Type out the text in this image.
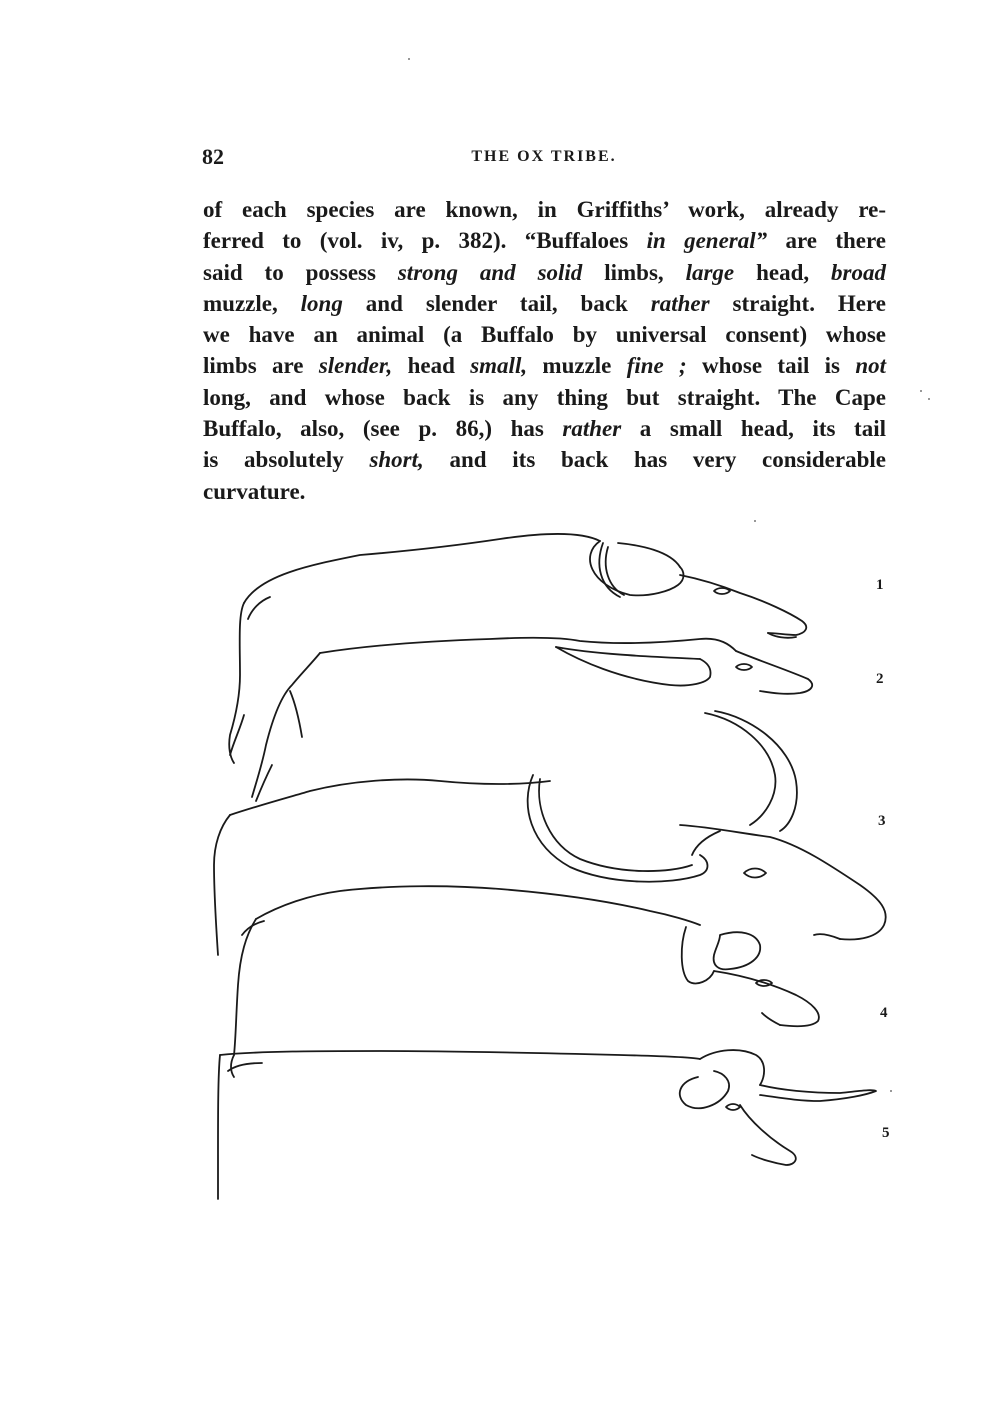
82	THE OX TRIBE.
of each species are known, in Griffiths’ work, already re-
ferred to (vol. iv, p. 382). “Buffaloes in general” are there
said to possess strong and solid limbs, large head, broad
muzzle, long and slender tail, back rather straight. Here
we have an animal (a Buffalo by universal consent) whose
limbs are slender, head small, muzzle fine ; whose tail is not
long, and whose back is any thing but straight. The Cape
Buffalo, also, (see p. 86,) has rather a small head, its tail
is absolutely short, and its back has very considerable
curvature.
1
2
3
4
5
